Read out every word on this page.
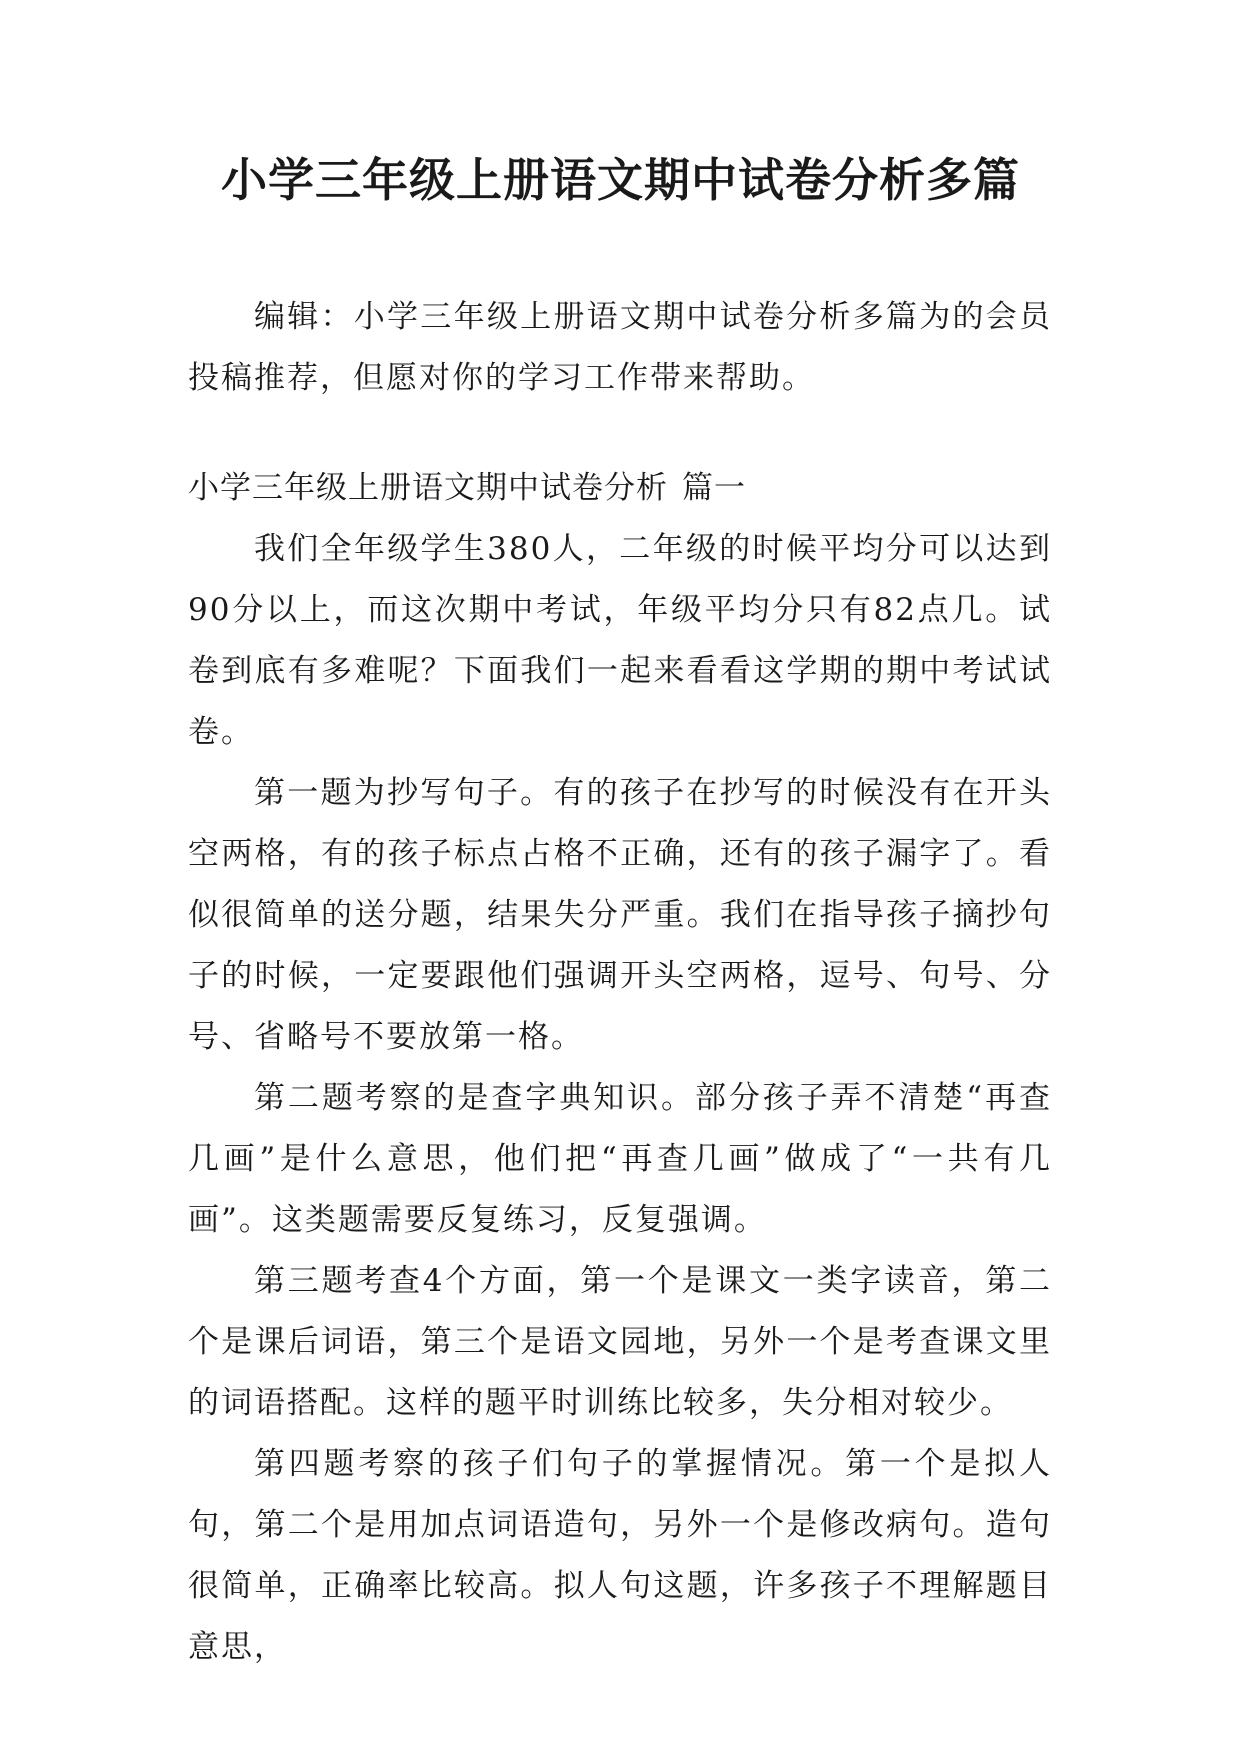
小学三年级上册语文期中试卷分析多篇

编辑：小学三年级上册语文期中试卷分析多篇为的会员投稿推荐，但愿对你的学习工作带来帮助。

小学三年级上册语文期中试卷分析 篇一

我们全年级学生380人，二年级的时候平均分可以达到90分以上，而这次期中考试，年级平均分只有82点几。试卷到底有多难呢？下面我们一起来看看这学期的期中考试试卷。

第一题为抄写句子。有的孩子在抄写的时候没有在开头空两格，有的孩子标点占格不正确，还有的孩子漏字了。看似很简单的送分题，结果失分严重。我们在指导孩子摘抄句子的时候，一定要跟他们强调开头空两格，逗号、句号、分号、省略号不要放第一格。

第二题考察的是查字典知识。部分孩子弄不清楚“再查几画”是什么意思，他们把“再查几画”做成了“一共有几画”。这类题需要反复练习，反复强调。

第三题考查4个方面，第一个是课文一类字读音，第二个是课后词语，第三个是语文园地，另外一个是考查课文里的词语搭配。这样的题平时训练比较多，失分相对较少。

第四题考察的孩子们句子的掌握情况。第一个是拟人句，第二个是用加点词语造句，另外一个是修改病句。造句很简单，正确率比较高。拟人句这题，许多孩子不理解题目意思，
